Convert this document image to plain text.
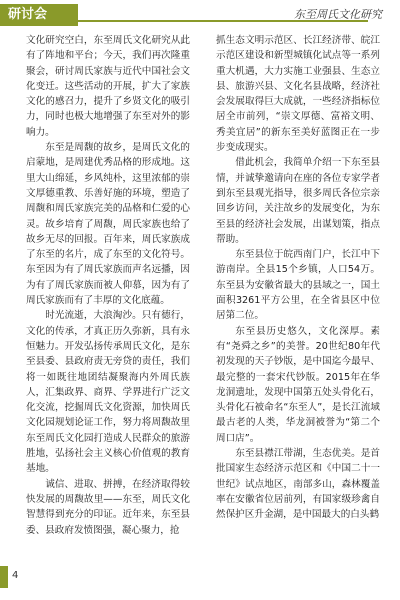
研讨会	东至周氏文化研究

文化研究空白，东至周氏文化研究从此有了阵地和平台；今天，我们再次隆重聚会，研讨周氏家族与近代中国社会文化变迁。这些活动的开展，扩大了家族文化的感召力，提升了乡贤文化的吸引力，同时也极大地增强了东至对外的影响力。

东至是周馥的故乡，是周氏文化的启蒙地，是周建优秀品格的形成地。这里大山绵延，乡风纯朴，这里浓郁的崇文厚德重教、乐善好施的环境，塑造了周馥和周氏家族完美的品格和仁爱的心灵。故乡培育了周馥，周氏家族也给了故乡无尽的回报。百年来，周氏家族成了东至的名片，成了东至的文化符号。东至因为有了周氏家族而声名远播，因为有了周氏家族而被人仰慕，因为有了周氏家族而有了丰厚的文化底蕴。

时光流逝，大浪淘沙。只有德行，文化的传承，才真正历久弥新，具有永恒魅力。开发弘扬传承周氏文化，是东至县委、县政府责无旁贷的责任，我们将一如既往地团结凝聚海内外周氏族人，汇集政界、商界、学界进行广泛文化交流，挖掘周氏文化资源，加快周氏文化园规划论证工作，努力将周馥故里东至周氏文化园打造成人民群众的旅游胜地，弘扬社会主义核心价值观的教育基地。

诚信、进取、拼搏，在经济取得较快发展的周馥故里——东至，周氏文化智慧得到充分的印证。近年来，东至县委、县政府发愤图强，凝心聚力，抢

抓生态文明示范区、长江经济带、皖江示范区建设和新型城镇化试点等一系列重大机遇，大力实施工业强县、生态立县、旅游兴县、文化名县战略，经济社会发展取得巨大成就，一些经济指标位居全市前列，“崇文厚德、富裕文明、秀美宜居”的新东至美好蓝图正在一步步变成现实。

借此机会，我简单介绍一下东至县情，并诚挚邀请向在座的各位专家学者到东至县观光指导，很多周氏各位宗亲回乡访问，关注故乡的发展变化，为东至县的经济社会发展，出谋划策，指点帮助。

东至县位于皖西南门户，长江中下游南岸。全县15个乡镇，人口54万。东至县为安徽省最大的县域之一，国土面积3261平方公里，在全省县区中位居第二位。

东至县历史悠久，文化深厚。素有“尧舜之乡”的美誉。20世纪80年代初发现的天子钞版，是中国迄今最早、最完整的一套宋代钞版。2015年在华龙洞遗址，发现中国第五处头骨化石，头骨化石被命名“东至人”，是长江流域最古老的人类，华龙洞被誉为“第二个周口店”。

东至县襟江带湖，生态优美。是首批国家生态经济示范区和《中国二十一世纪》试点地区，南部多山，森林覆盖率在安徽省位居前列，有国家级珍禽自然保护区升金湖，是中国最大的白头鹤

4
